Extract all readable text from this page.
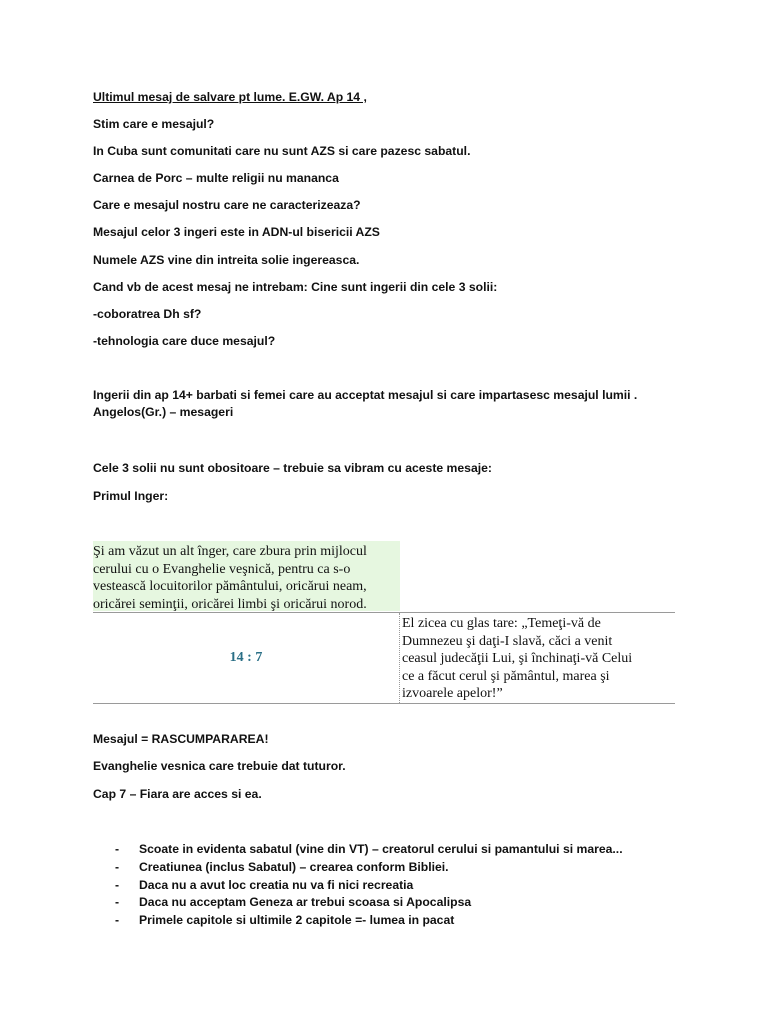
Ultimul mesaj de salvare pt lume. E.GW. Ap 14 ,
Stim care e mesajul?
In Cuba sunt comunitati care nu sunt AZS si care pazesc sabatul.
Carnea de Porc – multe religii nu mananca
Care e mesajul nostru care ne caracterizeaza?
Mesajul celor 3 ingeri este in ADN-ul bisericii AZS
Numele AZS vine din intreita solie ingereasca.
Cand vb de acest mesaj ne intrebam: Cine sunt ingerii din cele 3 solii:
-coboratrea Dh sf?
-tehnologia care duce mesajul?
Ingerii din ap 14+ barbati si femei care au acceptat mesajul si care impartasesc mesajul lumii .
Angelos(Gr.) – mesageri
Cele 3 solii nu sunt obositoare – trebuie sa vibram cu aceste mesaje:
Primul Inger:
Şi am văzut un alt înger, care zbura prin mijlocul
cerului cu o Evanghelie veşnică, pentru ca s-o
vestească locuitorilor pământului, oricărui neam,
oricărei seminţii, oricărei limbi şi oricărui norod.
14 : 7
El zicea cu glas tare: „Temeţi-vă de
Dumnezeu şi daţi-I slavă, căci a venit
ceasul judecăţii Lui, şi închinaţi-vă Celui
ce a făcut cerul şi pământul, marea şi
izvoarele apelor!”
Mesajul = RASCUMPARAREA!
Evanghelie vesnica care trebuie dat tuturor.
Cap 7 – Fiara are acces si ea.
- Scoate in evidenta sabatul (vine din VT) – creatorul cerului si pamantului si marea...
- Creatiunea (inclus Sabatul) – crearea conform Bibliei.
- Daca nu a avut loc creatia nu va fi nici recreatia
- Daca nu acceptam Geneza ar trebui scoasa si Apocalipsa
- Primele capitole si ultimile 2 capitole =- lumea in pacat
